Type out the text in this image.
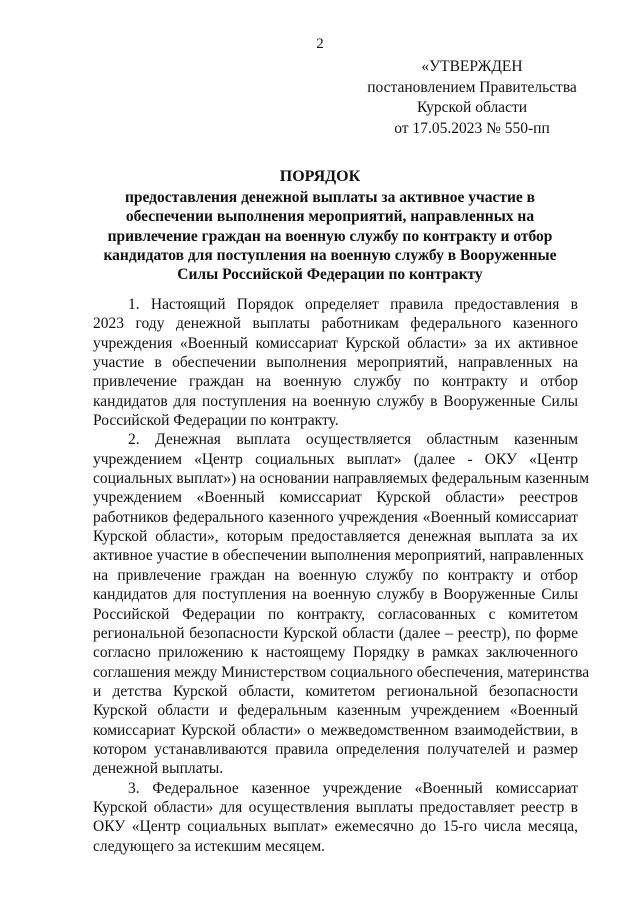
2
«УТВЕРЖДЕН
постановлением Правительства
Курской области
от 17.05.2023 № 550-пп
ПОРЯДОК
предоставления денежной выплаты за активное участие в
обеспечении выполнения мероприятий, направленных на
привлечение граждан на военную службу по контракту и отбор
кандидатов для поступления на военную службу в Вооруженные
Силы Российской Федерации по контракту
1. Настоящий Порядок определяет правила предоставления в
2023 году денежной выплаты работникам федерального казенного
учреждения «Военный комиссариат Курской области» за их активное
участие в обеспечении выполнения мероприятий, направленных на
привлечение граждан на военную службу по контракту и отбор
кандидатов для поступления на военную службу в Вооруженные Силы
Российской Федерации по контракту.
2. Денежная выплата осуществляется областным казенным
учреждением «Центр социальных выплат» (далее - ОКУ «Центр
социальных выплат») на основании направляемых федеральным казенным
учреждением «Военный комиссариат Курской области» реестров
работников федерального казенного учреждения «Военный комиссариат
Курской области», которым предоставляется денежная выплата за их
активное участие в обеспечении выполнения мероприятий, направленных
на привлечение граждан на военную службу по контракту и отбор
кандидатов для поступления на военную службу в Вооруженные Силы
Российской Федерации по контракту, согласованных с комитетом
региональной безопасности Курской области (далее – реестр), по форме
согласно приложению к настоящему Порядку в рамках заключенного
соглашения между Министерством социального обеспечения, материнства
и детства Курской области, комитетом региональной безопасности
Курской области и федеральным казенным учреждением «Военный
комиссариат Курской области» о межведомственном взаимодействии, в
котором устанавливаются правила определения получателей и размер
денежной выплаты.
3. Федеральное казенное учреждение «Военный комиссариат
Курской области» для осуществления выплаты предоставляет реестр в
ОКУ «Центр социальных выплат» ежемесячно до 15-го числа месяца,
следующего за истекшим месяцем.
